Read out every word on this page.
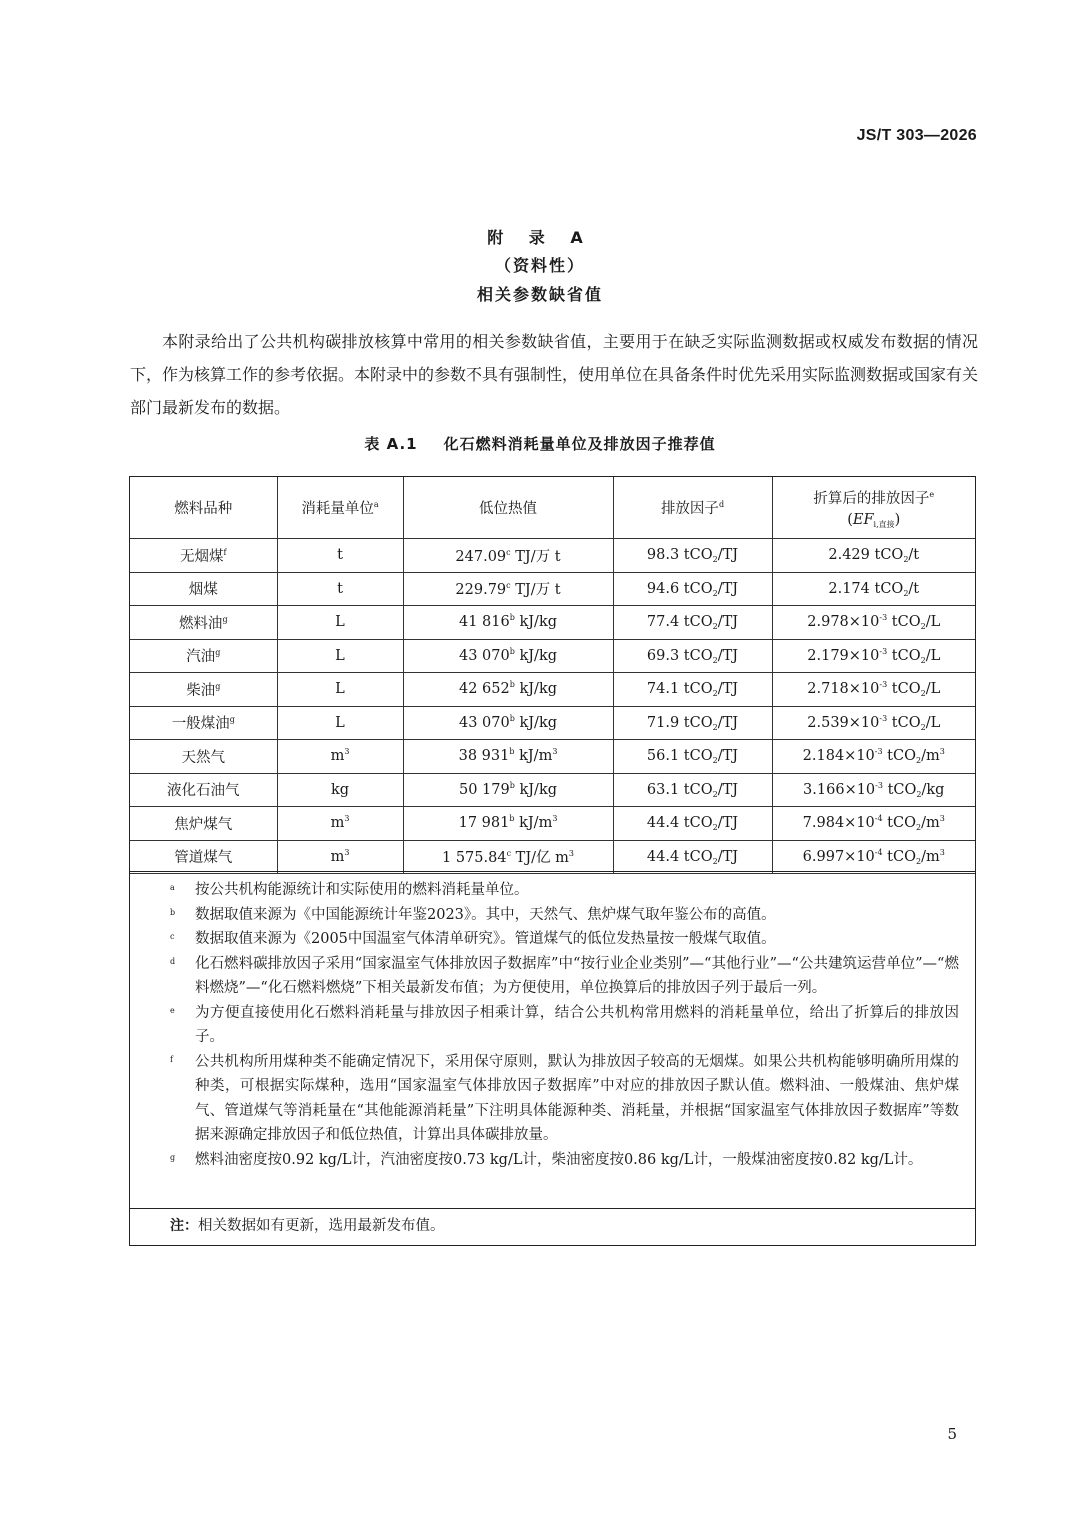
JS/T 303—2026
附 录 A
（资料性）
相关参数缺省值
本附录给出了公共机构碳排放核算中常用的相关参数缺省值，主要用于在缺乏实际监测数据或权威发布数据的情况下，作为核算工作的参考依据。本附录中的参数不具有强制性，使用单位在具备条件时优先采用实际监测数据或国家有关部门最新发布的数据。
表 A.1 化石燃料消耗量单位及排放因子推荐值
燃料品种	消耗量单位$^a$	低位热值	排放因子$^d$	折算后的排放因子$^e$
$(EF_{i,直接})$

无烟煤$^f$	t	247.09$^c$ TJ/万 t	98.3 tCO$_2$/TJ	2.429 tCO$_2$/t
烟煤	t	229.79$^c$ TJ/万 t	94.6 tCO$_2$/TJ	2.174 tCO$_2$/t
燃料油$^g$	L	41 816$^b$ kJ/kg	77.4 tCO$_2$/TJ	$2.978\times 10^{-3}$ tCO$_2$/L
汽油$^g$	L	43 070$^b$ kJ/kg	69.3 tCO$_2$/TJ	$2.179\times 10^{-3}$ tCO$_2$/L
柴油$^g$	L	42 652$^b$ kJ/kg	74.1 tCO$_2$/TJ	$2.718\times 10^{-3}$ tCO$_2$/L
一般煤油$^g$	L	43 070$^b$ kJ/kg	71.9 tCO$_2$/TJ	$2.539\times 10^{-3}$ tCO$_2$/L
天然气	$m^3$	38 931$^b$ $kJ/m^3$	56.1 tCO$_2$/TJ	$2.184\times 10^{-3}$ $tCO_2/m^3$
液化石油气	kg	50 179$^b$ kJ/kg	63.1 tCO$_2$/TJ	$3.166\times 10^{-3}$ tCO$_2$/kg
焦炉煤气	$m^3$	17 981$^b$ $kJ/m^3$	44.4 tCO$_2$/TJ	$7.984\times 10^{-4}$ $tCO_2/m^3$
管道煤气	$m^3$	1 575.84$^c$ TJ/亿 $m^3$	44.4 tCO$_2$/TJ	$6.997\times 10^{-4}$ $tCO_2/m^3$
a	按公共机构能源统计和实际使用的燃料消耗量单位。
b	数据取值来源为《中国能源统计年鉴2023》。其中，天然气、焦炉煤气取年鉴公布的高值。
c	数据取值来源为《2005中国温室气体清单研究》。管道煤气的低位发热量按一般煤气取值。
d	化石燃料碳排放因子采用“国家温室气体排放因子数据库”中“按行业企业类别”—“其他行业”—“公共建筑运营单位”—“燃料燃烧”—“化石燃料燃烧”下相关最新发布值；为方便使用，单位换算后的排放因子列于最后一列。
e	为方便直接使用化石燃料消耗量与排放因子相乘计算，结合公共机构常用燃料的消耗量单位，给出了折算后的排放因子。
f	公共机构所用煤种类不能确定情况下，采用保守原则，默认为排放因子较高的无烟煤。如果公共机构能够明确所用煤的种类，可根据实际煤种，选用“国家温室气体排放因子数据库”中对应的排放因子默认值。燃料油、一般煤油、焦炉煤气、管道煤气等消耗量在“其他能源消耗量”下注明具体能源种类、消耗量，并根据“国家温室气体排放因子数据库”等数据来源确定排放因子和低位热值，计算出具体碳排放量。
g	燃料油密度按0.92 kg/L计，汽油密度按0.73 kg/L计，柴油密度按0.86 kg/L计，一般煤油密度按0.82 kg/L计。
注：相关数据如有更新，选用最新发布值。
5
